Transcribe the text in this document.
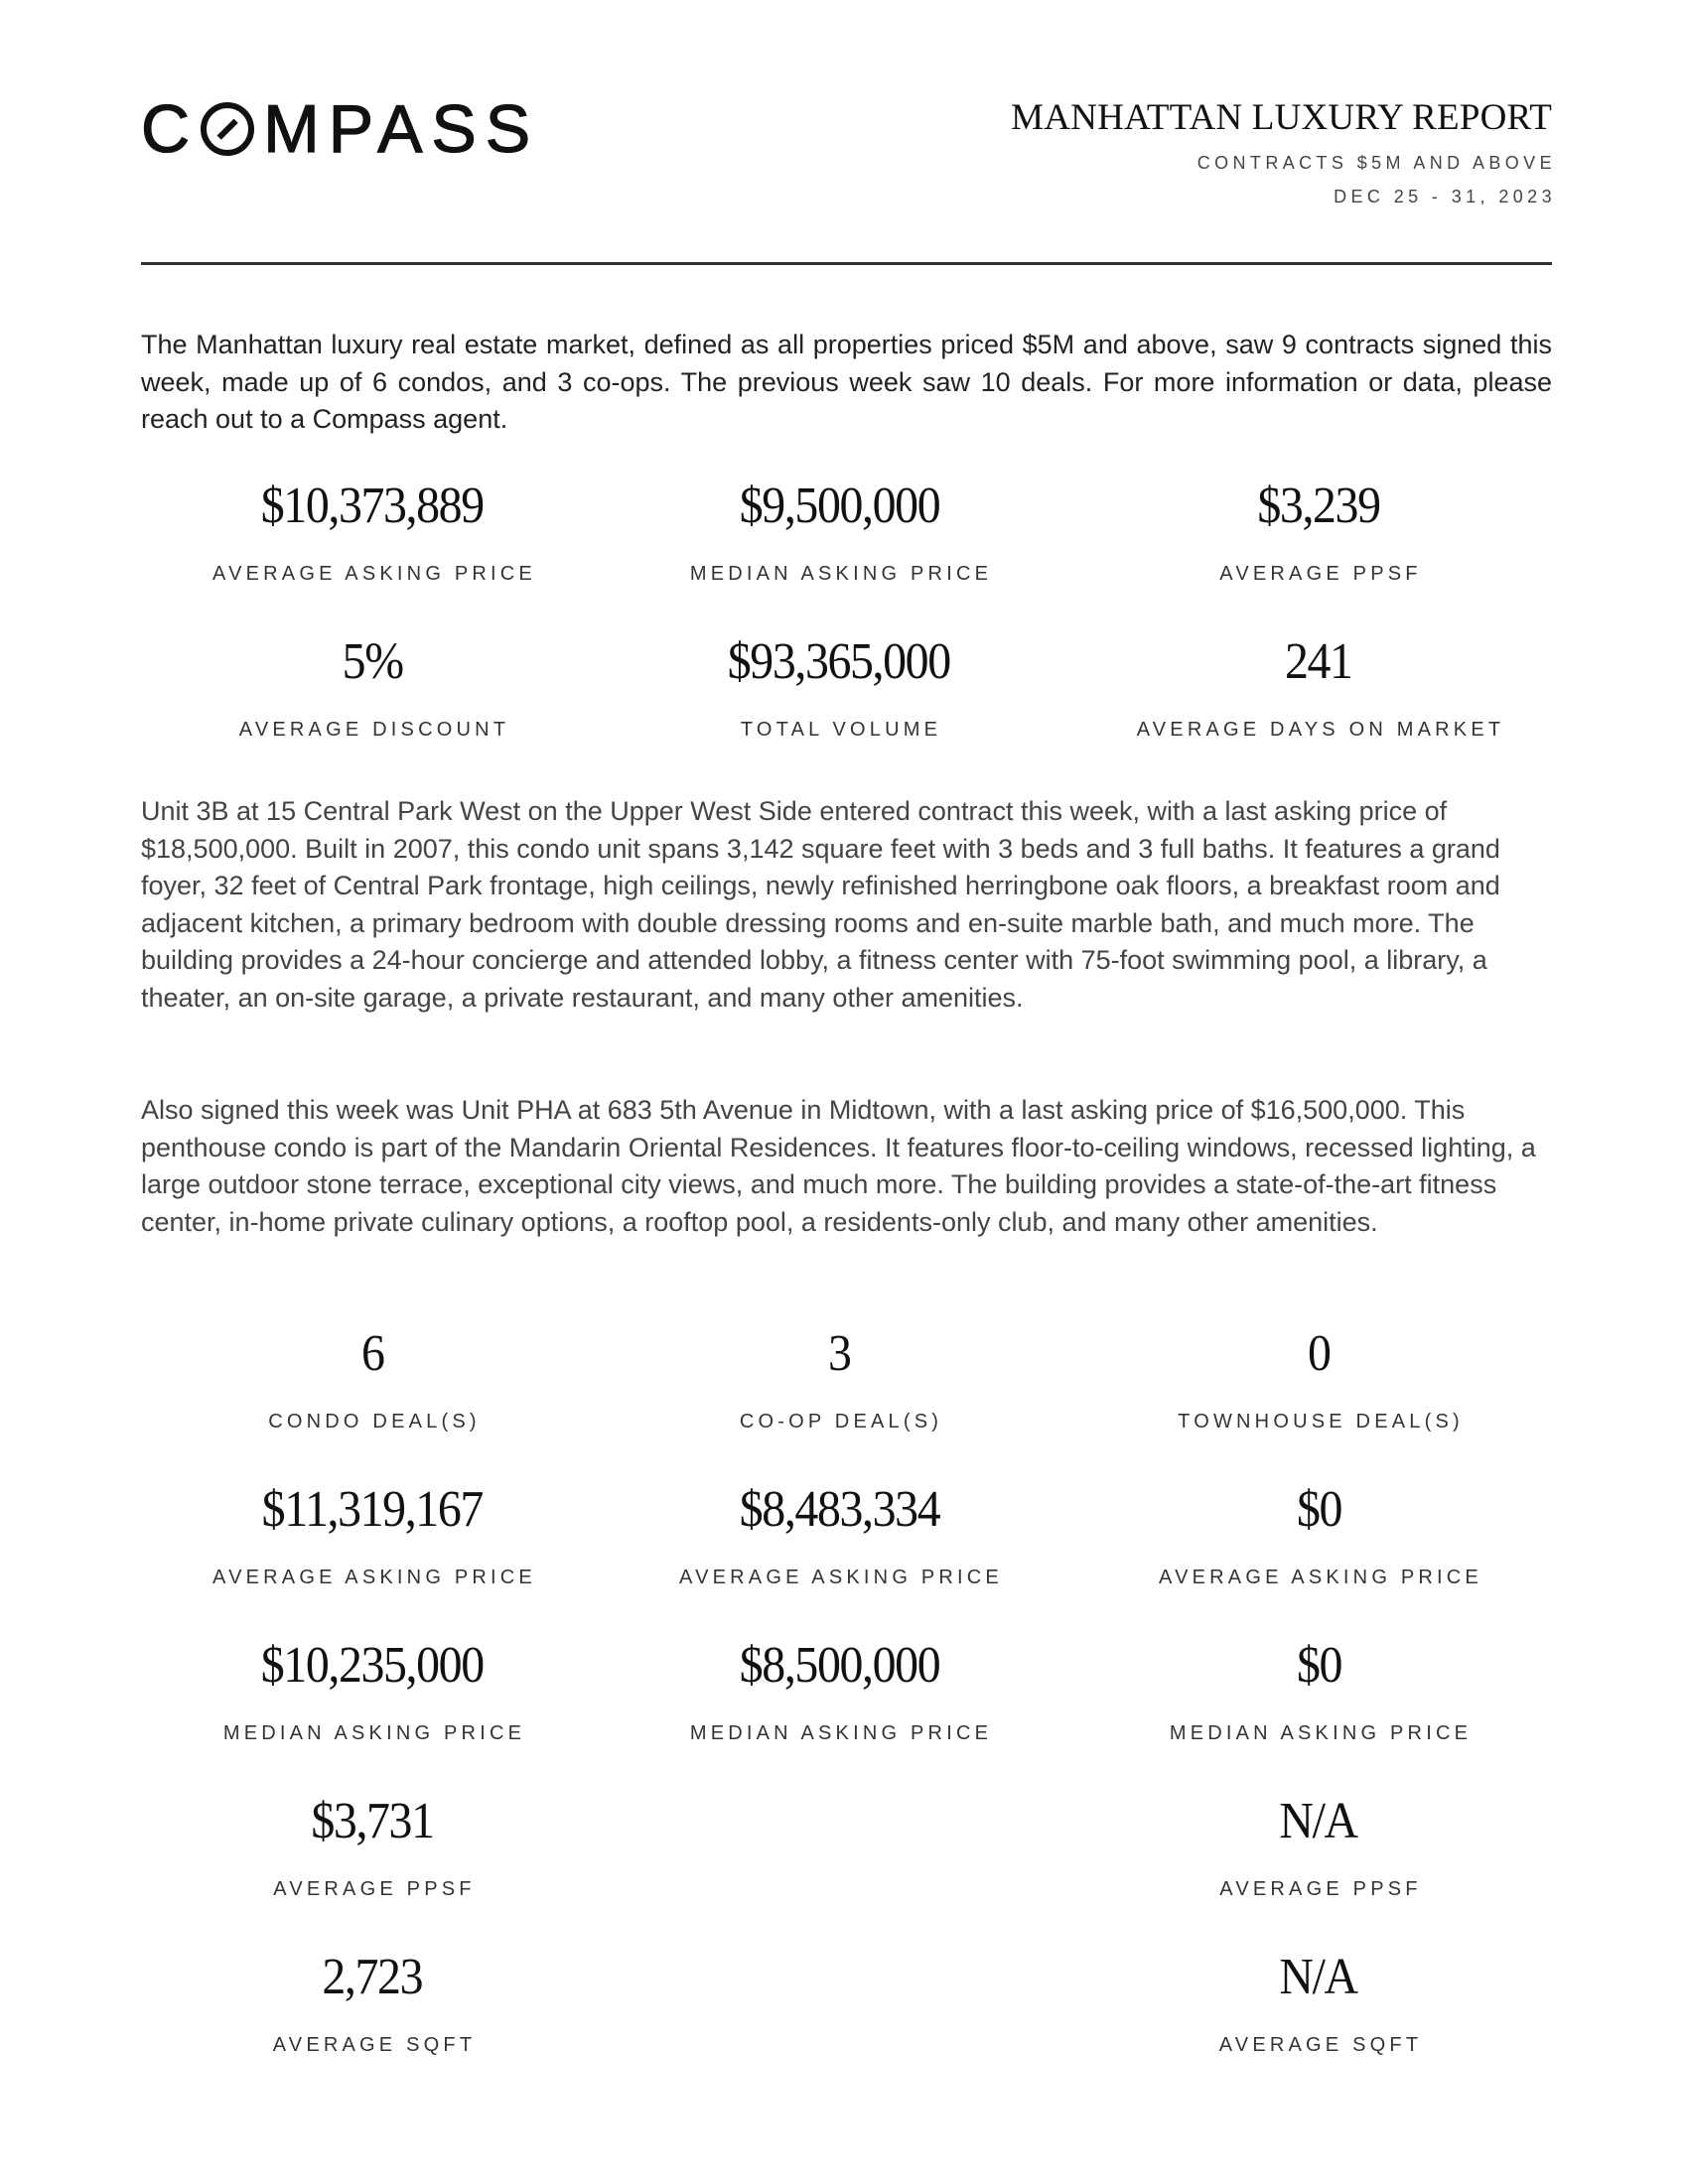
C MPASS	MANHATTAN LUXURY REPORT
CONTRACTS $5M AND ABOVE
DEC 25 - 31, 2023

The Manhattan luxury real estate market, defined as all properties priced $5M and above, saw 9 contracts signed this week, made up of 6 condos, and 3 co-ops. The previous week saw 10 deals. For more information or data, please reach out to a Compass agent.

$10,373,889
AVERAGE ASKING PRICE
$9,500,000
MEDIAN ASKING PRICE
$3,239
AVERAGE PPSF
5%
AVERAGE DISCOUNT
$93,365,000
TOTAL VOLUME
241
AVERAGE DAYS ON MARKET

Unit 3B at 15 Central Park West on the Upper West Side entered contract this week, with a last asking price of $18,500,000. Built in 2007, this condo unit spans 3,142 square feet with 3 beds and 3 full baths. It features a grand foyer, 32 feet of Central Park frontage, high ceilings, newly refinished herringbone oak floors, a breakfast room and adjacent kitchen, a primary bedroom with double dressing rooms and en-suite marble bath, and much more. The building provides a 24-hour concierge and attended lobby, a fitness center with 75-foot swimming pool, a library, a theater, an on-site garage, a private restaurant, and many other amenities.

Also signed this week was Unit PHA at 683 5th Avenue in Midtown, with a last asking price of $16,500,000. This penthouse condo is part of the Mandarin Oriental Residences. It features floor-to-ceiling windows, recessed lighting, a large outdoor stone terrace, exceptional city views, and much more. The building provides a state-of-the-art fitness center, in-home private culinary options, a rooftop pool, a residents-only club, and many other amenities.

6
CONDO DEAL(S)
$11,319,167
AVERAGE ASKING PRICE
$10,235,000
MEDIAN ASKING PRICE
$3,731
AVERAGE PPSF
2,723
AVERAGE SQFT
3
CO-OP DEAL(S)
$8,483,334
AVERAGE ASKING PRICE
$8,500,000
MEDIAN ASKING PRICE
0
TOWNHOUSE DEAL(S)
$0
AVERAGE ASKING PRICE
$0
MEDIAN ASKING PRICE
N/A
AVERAGE PPSF
N/A
AVERAGE SQFT
